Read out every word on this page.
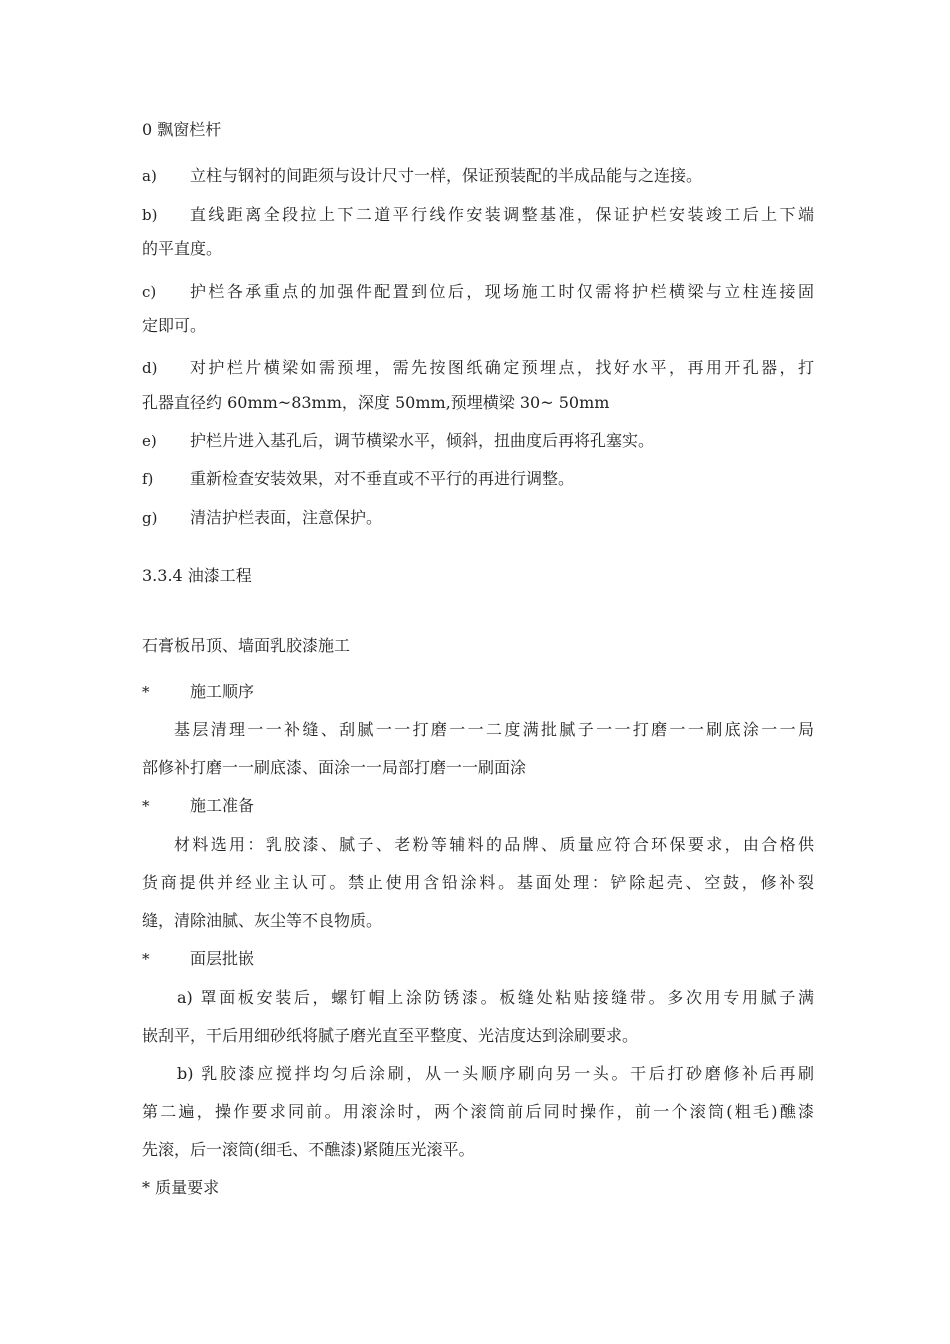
0 飘窗栏杆
a) 立柱与钢衬的间距须与设计尺寸一样，保证预装配的半成品能与之连接。
b) 直线距离全段拉上下二道平行线作安装调整基准，保证护栏安装竣工后上下端
的平直度。
c) 护栏各承重点的加强件配置到位后，现场施工时仅需将护栏横梁与立柱连接固
定即可。
d) 对护栏片横梁如需预埋，需先按图纸确定预埋点，找好水平，再用开孔器，打
孔器直径约 60mm~83mm，深度 50mm,预埋横梁 30~ 50mm
e) 护栏片进入基孔后，调节横梁水平，倾斜，扭曲度后再将孔塞实。
f) 重新检查安装效果，对不垂直或不平行的再进行调整。
g) 清洁护栏表面，注意保护。
3.3.4 油漆工程
石膏板吊顶、墙面乳胶漆施工
*	施工顺序
基层清理一一补缝、刮腻一一打磨一一二度满批腻子一一打磨一一刷底涂一一局
部修补打磨一一刷底漆、面涂一一局部打磨一一刷面涂
*	施工准备
材料选用：乳胶漆、腻子、老粉等辅料的品牌、质量应符合环保要求，由合格供
货商提供并经业主认可。禁止使用含铅涂料。基面处理：铲除起壳、空鼓，修补裂
缝，清除油腻、灰尘等不良物质。
*	面层批嵌
a) 罩面板安装后，螺钉帽上涂防锈漆。板缝处粘贴接缝带。多次用专用腻子满
嵌刮平，干后用细砂纸将腻子磨光直至平整度、光洁度达到涂刷要求。
b) 乳胶漆应搅拌均匀后涂刷，从一头顺序刷向另一头。干后打砂磨修补后再刷
第二遍，操作要求同前。用滚涂时，两个滚筒前后同时操作，前一个滚筒(粗毛)醮漆
先滚，后一滚筒(细毛、不醮漆)紧随压光滚平。
* 质量要求
